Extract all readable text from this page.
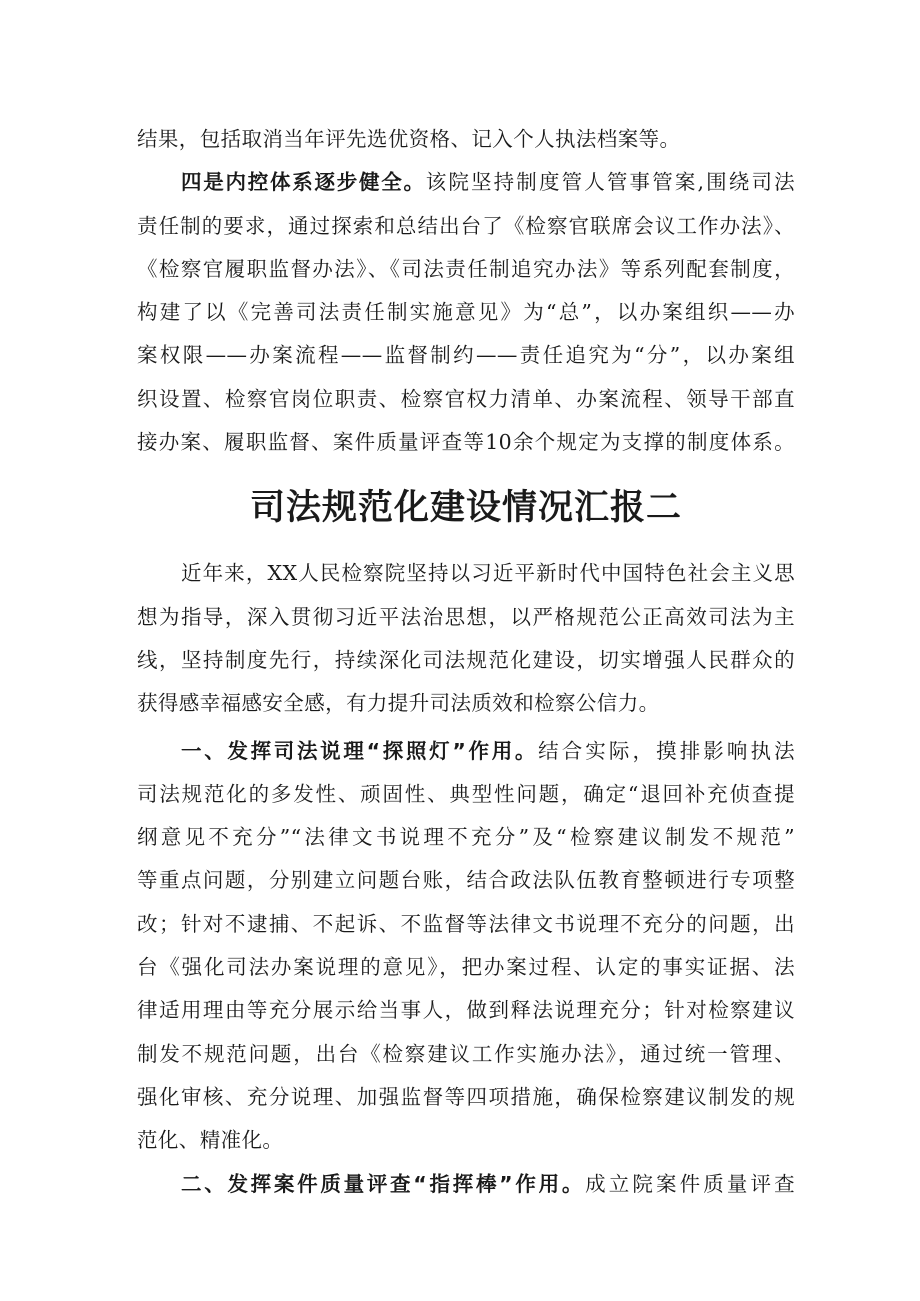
结果，包括取消当年评先选优资格、记入个人执法档案等。
四是内控体系逐步健全。该院坚持制度管人管事管案,围绕司法
责任制的要求，通过探索和总结出台了《检察官联席会议工作办法》、
《检察官履职监督办法》、《司法责任制追究办法》等系列配套制度，
构建了以《完善司法责任制实施意见》为“总”，以办案组织——办
案权限——办案流程——监督制约——责任追究为“分”，以办案组
织设置、检察官岗位职责、检察官权力清单、办案流程、领导干部直
接办案、履职监督、案件质量评查等10余个规定为支撑的制度体系。
司法规范化建设情况汇报二
近年来，XX人民检察院坚持以习近平新时代中国特色社会主义思
想为指导，深入贯彻习近平法治思想，以严格规范公正高效司法为主
线，坚持制度先行，持续深化司法规范化建设，切实增强人民群众的
获得感幸福感安全感，有力提升司法质效和检察公信力。
一、发挥司法说理“探照灯”作用。结合实际，摸排影响执法
司法规范化的多发性、顽固性、典型性问题，确定“退回补充侦查提
纲意见不充分”“法律文书说理不充分”及“检察建议制发不规范”
等重点问题，分别建立问题台账，结合政法队伍教育整顿进行专项整
改；针对不逮捕、不起诉、不监督等法律文书说理不充分的问题，出
台《强化司法办案说理的意见》，把办案过程、认定的事实证据、法
律适用理由等充分展示给当事人，做到释法说理充分；针对检察建议
制发不规范问题，出台《检察建议工作实施办法》，通过统一管理、
强化审核、充分说理、加强监督等四项措施，确保检察建议制发的规
范化、精准化。
二、发挥案件质量评查“指挥棒”作用。成立院案件质量评查
